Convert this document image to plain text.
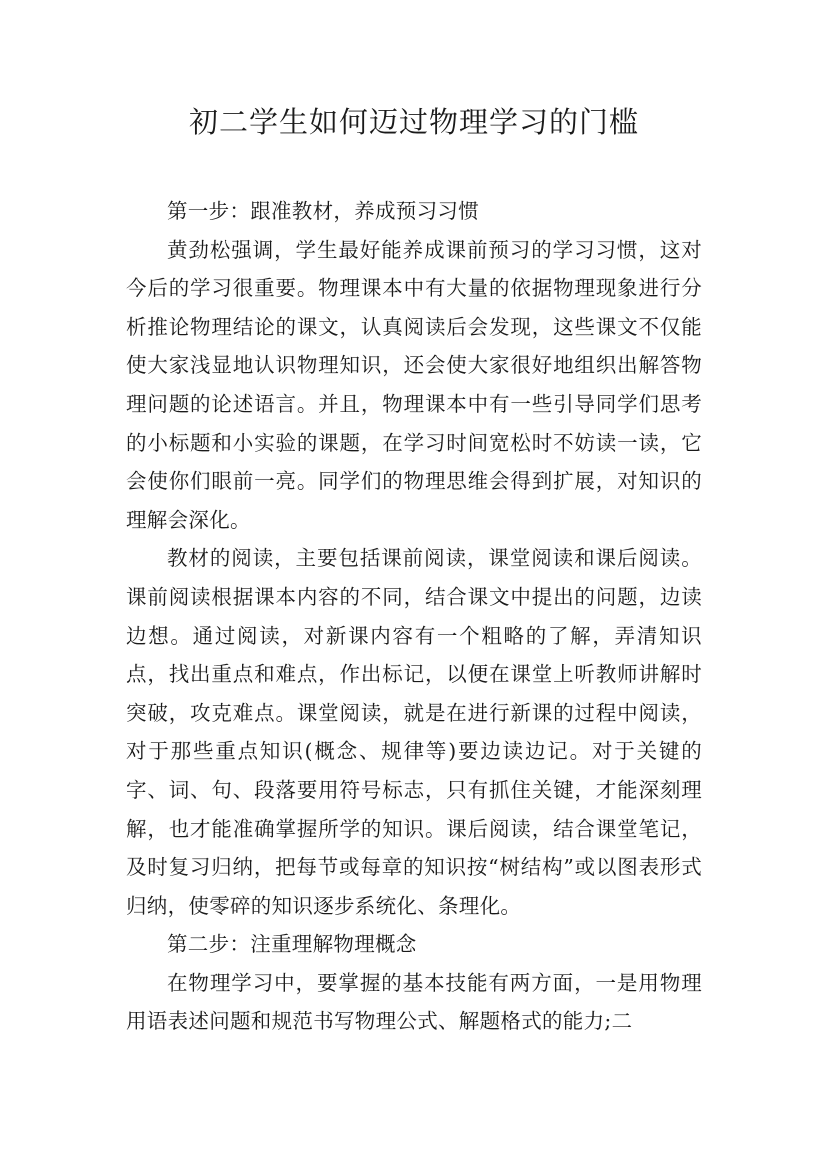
初二学生如何迈过物理学习的门槛

第一步：跟准教材，养成预习习惯

黄劲松强调，学生最好能养成课前预习的学习习惯，这对今后的学习很重要。物理课本中有大量的依据物理现象进行分析推论物理结论的课文，认真阅读后会发现，这些课文不仅能使大家浅显地认识物理知识，还会使大家很好地组织出解答物理问题的论述语言。并且，物理课本中有一些引导同学们思考的小标题和小实验的课题，在学习时间宽松时不妨读一读，它会使你们眼前一亮。同学们的物理思维会得到扩展，对知识的理解会深化。

教材的阅读，主要包括课前阅读，课堂阅读和课后阅读。课前阅读根据课本内容的不同，结合课文中提出的问题，边读边想。通过阅读，对新课内容有一个粗略的了解，弄清知识点，找出重点和难点，作出标记，以便在课堂上听教师讲解时突破，攻克难点。课堂阅读，就是在进行新课的过程中阅读，对于那些重点知识(概念、规律等)要边读边记。对于关键的字、词、句、段落要用符号标志，只有抓住关键，才能深刻理解，也才能准确掌握所学的知识。课后阅读，结合课堂笔记，及时复习归纳，把每节或每章的知识按“树结构”或以图表形式归纳，使零碎的知识逐步系统化、条理化。

第二步：注重理解物理概念

在物理学习中，要掌握的基本技能有两方面，一是用物理用语表述问题和规范书写物理公式、解题格式的能力;二
